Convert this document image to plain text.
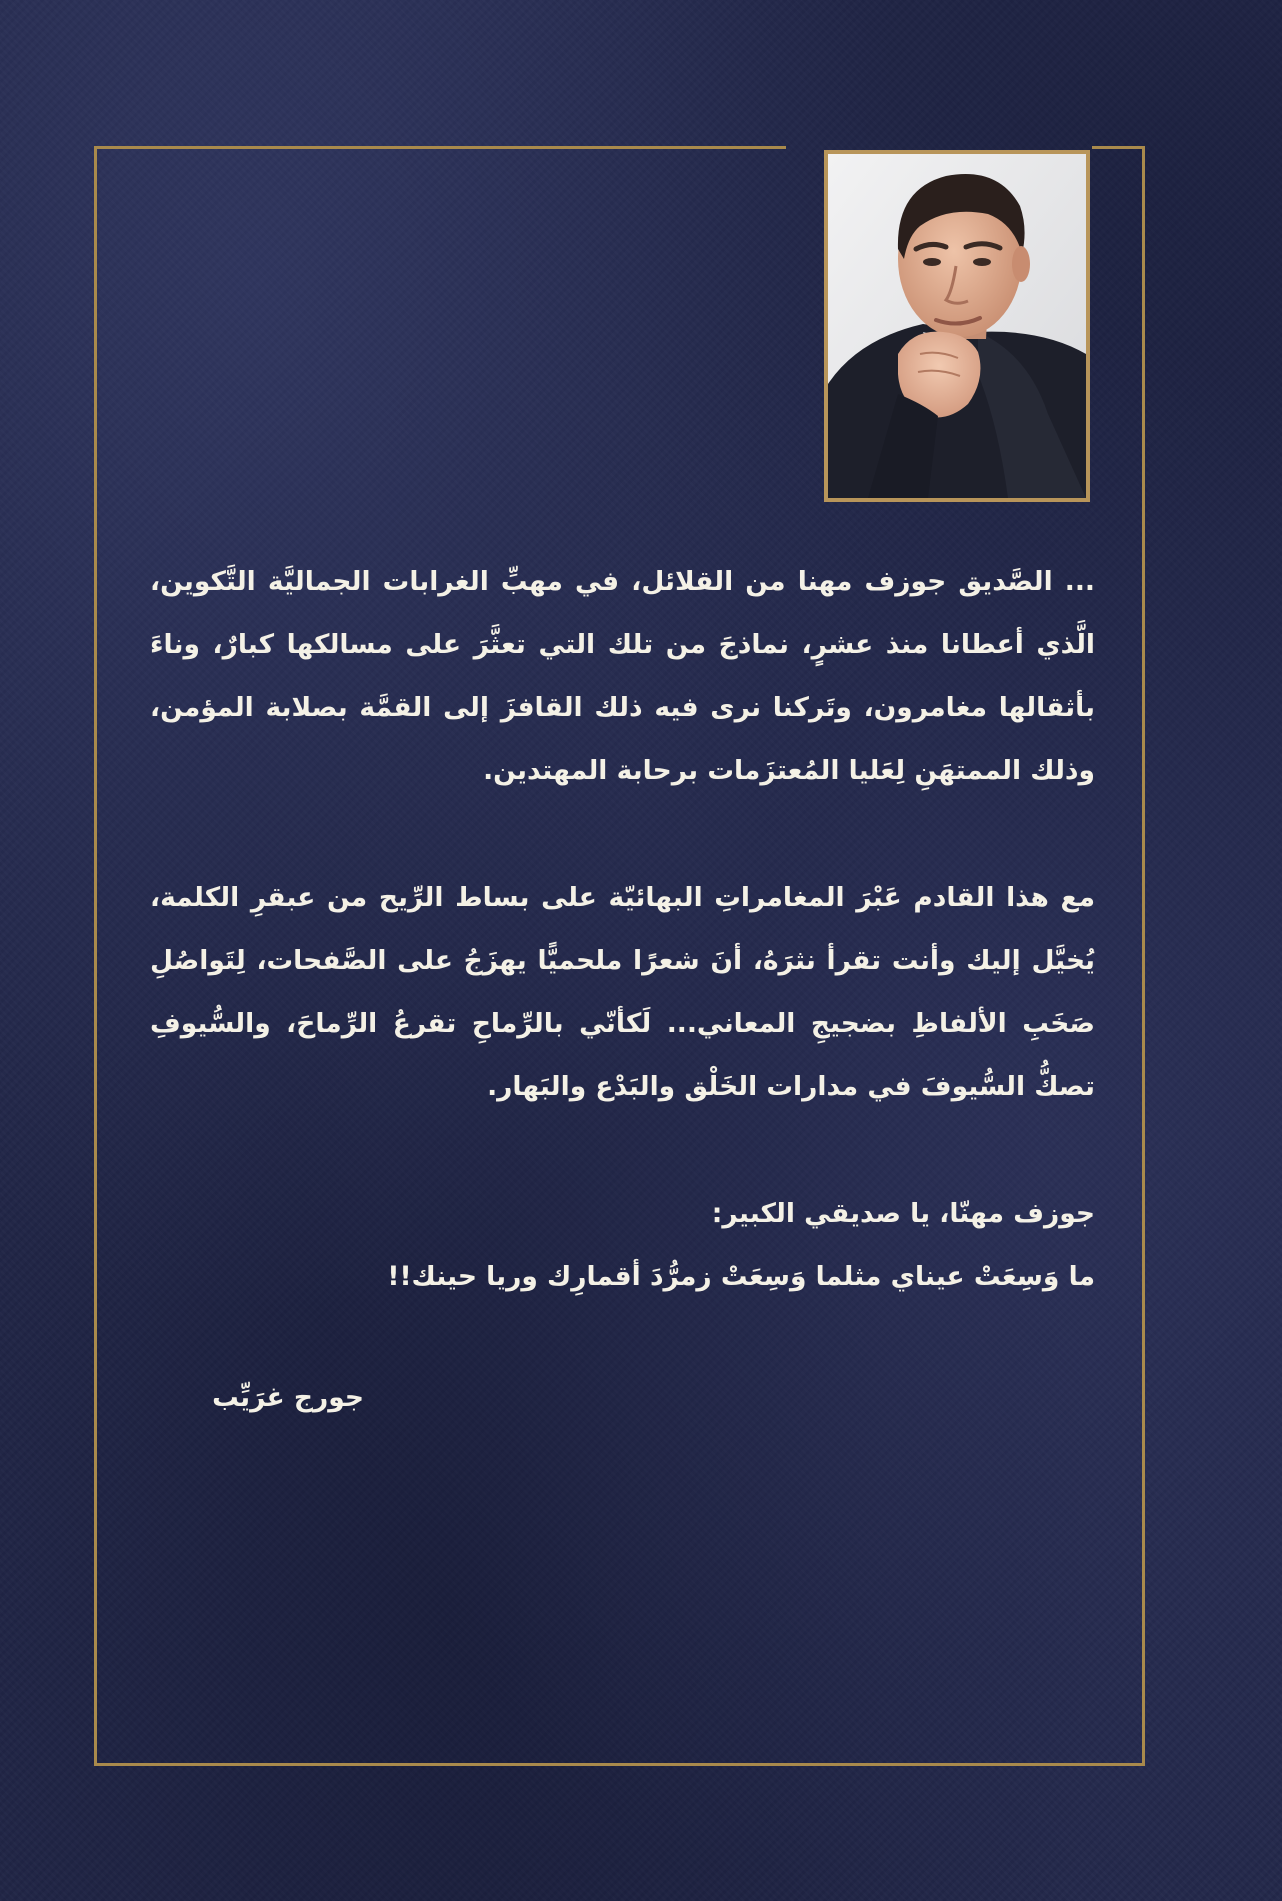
... الصَّديق جوزف مهنا من القلائل، في مهبِّ الغرابات الجماليَّة التَّكوين، الَّذي أعطانا منذ عشرٍ، نماذجَ من تلك التي تعثَّرَ على مسالكها كبارٌ، وناءَ بأثقالها مغامرون، وتَركنا نرى فيه ذلك القافزَ إلى القمَّة بصلابة المؤمن، وذلك الممتهَنِ لِعَليا المُعتزَمات برحابة المهتدين.
مع هذا القادم عَبْرَ المغامراتِ البهائيّة على بساط الرِّيح من عبقرِ الكلمة، يُخيَّل إليك وأنت تقرأ نثرَهُ، أنَ شعرًا ملحميًّا يهزَجُ على الصَّفحات، لِتَواصُلِ صَخَبِ الألفاظِ بضجيجِ المعاني... لَكأنّي بالرِّماحِ تقرعُ الرِّماحَ، والسُّيوفِ تصكُّ السُّيوفَ في مدارات الخَلْق والبَدْع والبَهار.
جوزف مهنّا، يا صديقي الكبير:
ما وَسِعَتْ عيناي مثلما وَسِعَتْ زمرُّدَ أقمارِك وريا حينك!!
جورج غرَيِّب
